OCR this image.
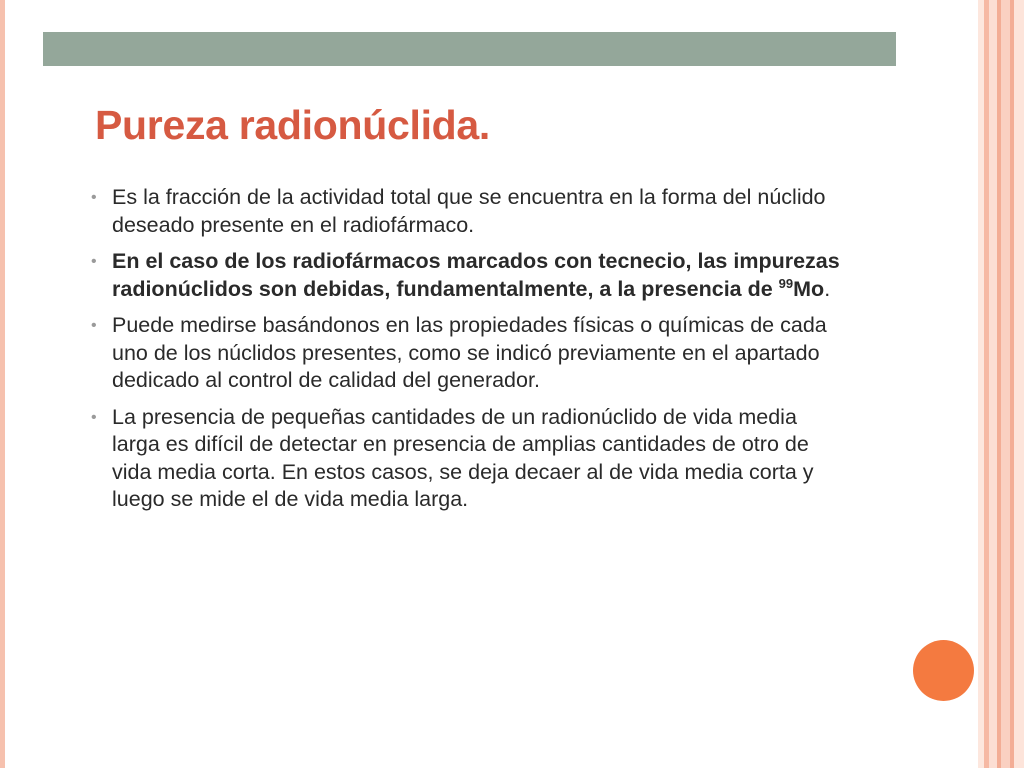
Pureza radionúclida.
• Es la fracción de la actividad total que se encuentra en la forma del núclido deseado presente en el radiofármaco.
• En el caso de los radiofármacos marcados con tecnecio, las impurezas radionúclidos son debidas, fundamentalmente, a la presencia de $^{99}$Mo.
• Puede medirse basándonos en las propiedades físicas o químicas de cada uno de los núclidos presentes, como se indicó previamente en el apartado dedicado al control de calidad del generador.
• La presencia de pequeñas cantidades de un radionúclido de vida media larga es difícil de detectar en presencia de amplias cantidades de otro de vida media corta. En estos casos, se deja decaer al de vida media corta y luego se mide el de vida media larga.
